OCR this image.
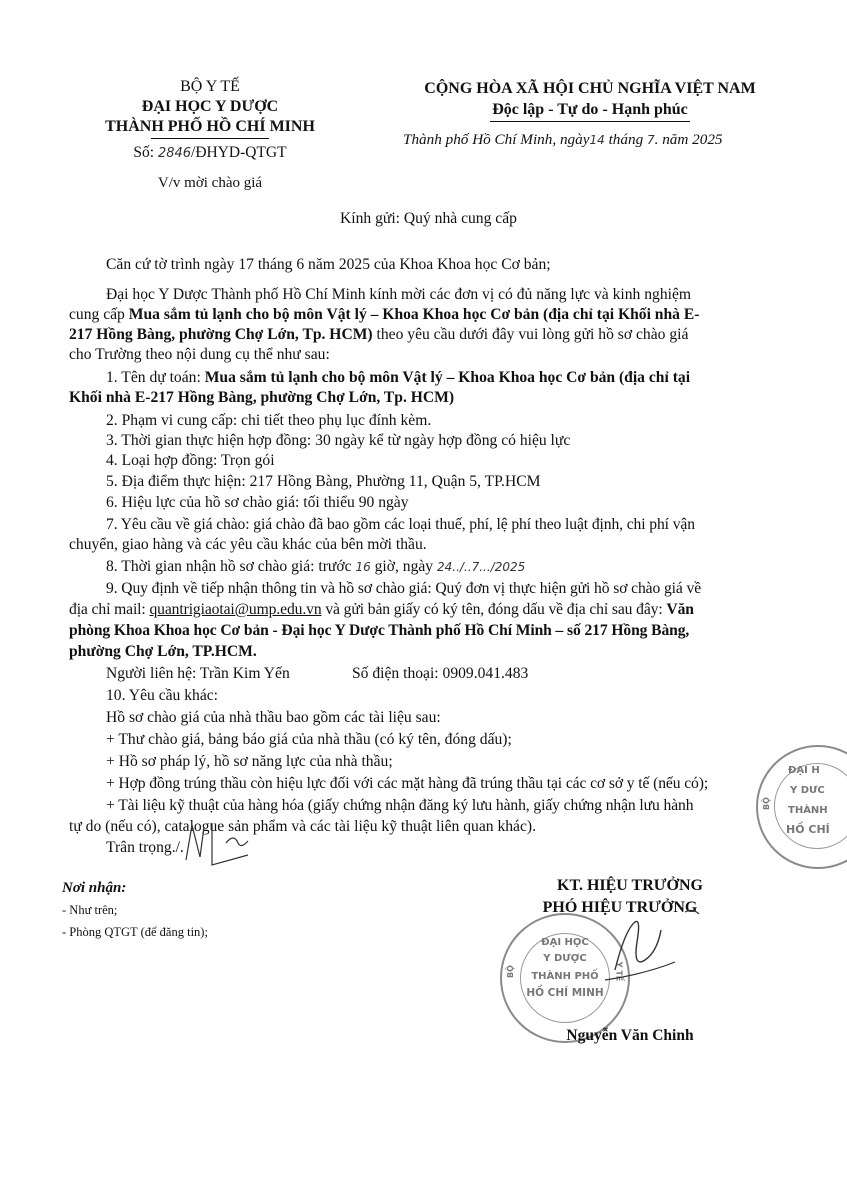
BỘ Y TẾ
ĐẠI HỌC Y DƯỢC
THÀNH PHỐ HỒ CHÍ MINH
Số: 2846/ĐHYD-QTGT
V/v mời chào giá
CỘNG HÒA XÃ HỘI CHỦ NGHĨA VIỆT NAM
Độc lập - Tự do - Hạnh phúc
Thành phố Hồ Chí Minh, ngày14 tháng 7. năm 2025
Kính gửi: Quý nhà cung cấp
Căn cứ tờ trình ngày 17 tháng 6 năm 2025 của Khoa Khoa học Cơ bản;
Đại học Y Dược Thành phố Hồ Chí Minh kính mời các đơn vị có đủ năng lực và kinh nghiệm
cung cấp Mua sắm tủ lạnh cho bộ môn Vật lý – Khoa Khoa học Cơ bản (địa chỉ tại Khối nhà E-
217 Hồng Bàng, phường Chợ Lớn, Tp. HCM) theo yêu cầu dưới đây vui lòng gửi hồ sơ chào giá
cho Trường theo nội dung cụ thể như sau:
1. Tên dự toán: Mua sắm tủ lạnh cho bộ môn Vật lý – Khoa Khoa học Cơ bản (địa chỉ tại
Khối nhà E-217 Hồng Bàng, phường Chợ Lớn, Tp. HCM)
2. Phạm vi cung cấp: chi tiết theo phụ lục đính kèm.
3. Thời gian thực hiện hợp đồng: 30 ngày kể từ ngày hợp đồng có hiệu lực
4. Loại hợp đồng: Trọn gói
5. Địa điểm thực hiện: 217 Hồng Bàng, Phường 11, Quận 5, TP.HCM
6. Hiệu lực của hồ sơ chào giá: tối thiểu 90 ngày
7. Yêu cầu về giá chào: giá chào đã bao gồm các loại thuế, phí, lệ phí theo luật định, chi phí vận
chuyển, giao hàng và các yêu cầu khác của bên mời thầu.
8. Thời gian nhận hồ sơ chào giá: trước 16 giờ, ngày 24../..7.../2025
9. Quy định về tiếp nhận thông tin và hồ sơ chào giá: Quý đơn vị thực hiện gửi hồ sơ chào giá về
địa chỉ mail: quantrigiaotai@ump.edu.vn và gửi bản giấy có ký tên, đóng dấu về địa chỉ sau đây: Văn
phòng Khoa Khoa học Cơ bản - Đại học Y Dược Thành phố Hồ Chí Minh – số 217 Hồng Bàng,
phường Chợ Lớn, TP.HCM.
Người liên hệ: Trần Kim Yến	Số điện thoại: 0909.041.483
10. Yêu cầu khác:
Hồ sơ chào giá của nhà thầu bao gồm các tài liệu sau:
+ Thư chào giá, bảng báo giá của nhà thầu (có ký tên, đóng dấu);
+ Hồ sơ pháp lý, hồ sơ năng lực của nhà thầu;
+ Hợp đồng trúng thầu còn hiệu lực đối với các mặt hàng đã trúng thầu tại các cơ sở y tế (nếu có);
+ Tài liệu kỹ thuật của hàng hóa (giấy chứng nhận đăng ký lưu hành, giấy chứng nhận lưu hành
tự do (nếu có), catalogue sản phẩm và các tài liệu kỹ thuật liên quan khác).
Trân trọng./.
Nơi nhận:
- Như trên;
- Phòng QTGT (để đăng tin);
KT. HIỆU TRƯỞNG
PHÓ HIỆU TRƯỞNG
ĐẠI HỌC
Y DƯỢC
THÀNH PHỐ
HỒ CHÍ MINH
BỘ	Y TẾ
Nguyễn Văn Chinh
ĐẠI H
Y DƯC
THÀNH
HỒ CHÍ
BỘ
